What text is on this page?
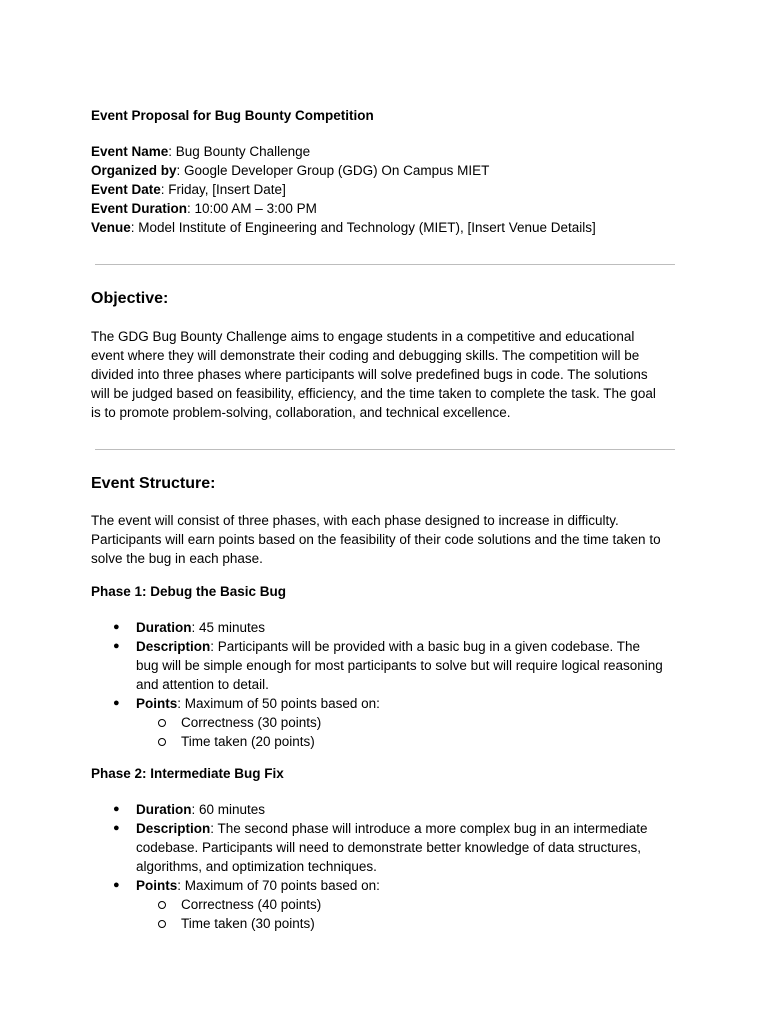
Event Proposal for Bug Bounty Competition
Event Name: Bug Bounty Challenge
Organized by: Google Developer Group (GDG) On Campus MIET
Event Date: Friday, [Insert Date]
Event Duration: 10:00 AM – 3:00 PM
Venue: Model Institute of Engineering and Technology (MIET), [Insert Venue Details]
Objective:
The GDG Bug Bounty Challenge aims to engage students in a competitive and educational
event where they will demonstrate their coding and debugging skills. The competition will be
divided into three phases where participants will solve predefined bugs in code. The solutions
will be judged based on feasibility, efficiency, and the time taken to complete the task. The goal
is to promote problem-solving, collaboration, and technical excellence.
Event Structure:
The event will consist of three phases, with each phase designed to increase in difficulty.
Participants will earn points based on the feasibility of their code solutions and the time taken to
solve the bug in each phase.
Phase 1: Debug the Basic Bug
● Duration: 45 minutes
● Description: Participants will be provided with a basic bug in a given codebase. The
bug will be simple enough for most participants to solve but will require logical reasoning
and attention to detail.
● Points: Maximum of 50 points based on:
Correctness (30 points)
Time taken (20 points)
Phase 2: Intermediate Bug Fix
● Duration: 60 minutes
● Description: The second phase will introduce a more complex bug in an intermediate
codebase. Participants will need to demonstrate better knowledge of data structures,
algorithms, and optimization techniques.
● Points: Maximum of 70 points based on:
Correctness (40 points)
Time taken (30 points)
